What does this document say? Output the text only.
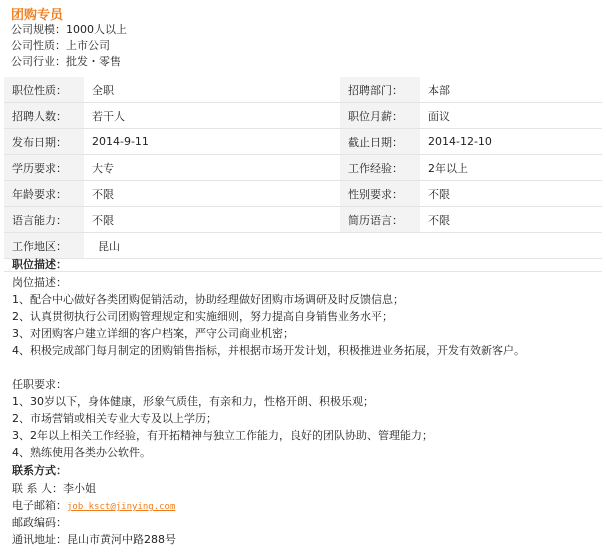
团购专员
公司规模：1000人以上
公司性质：上市公司
公司行业：批发・零售
职位性质：	全职	招聘部门：	本部
招聘人数：	若干人	职位月薪：	面议
发布日期：	2014-9-11	截止日期：	2014-12-10
学历要求：	大专	工作经验：	2年以上
年龄要求：	不限	性别要求：	不限
语言能力：	不限	简历语言：	不限
工作地区：	昆山		
职位描述：
岗位描述：
1、配合中心做好各类团购促销活动，协助经理做好团购市场调研及时反馈信息；
2、认真贯彻执行公司团购管理规定和实施细则，努力提高自身销售业务水平；
3、对团购客户建立详细的客户档案，严守公司商业机密；
4、积极完成部门每月制定的团购销售指标，并根据市场开发计划，积极推进业务拓展，开发有效新客户。
任职要求：
1、30岁以下，身体健康，形象气质佳，有亲和力，性格开朗、积极乐观；
2、市场营销或相关专业大专及以上学历；
3、2年以上相关工作经验，有开拓精神与独立工作能力，良好的团队协助、管理能力；
4、熟练使用各类办公软件。
联系方式：
联 系 人：李小姐
电子邮箱：job_ksct@jinying.com
邮政编码：
通讯地址：昆山市黄河中路288号
